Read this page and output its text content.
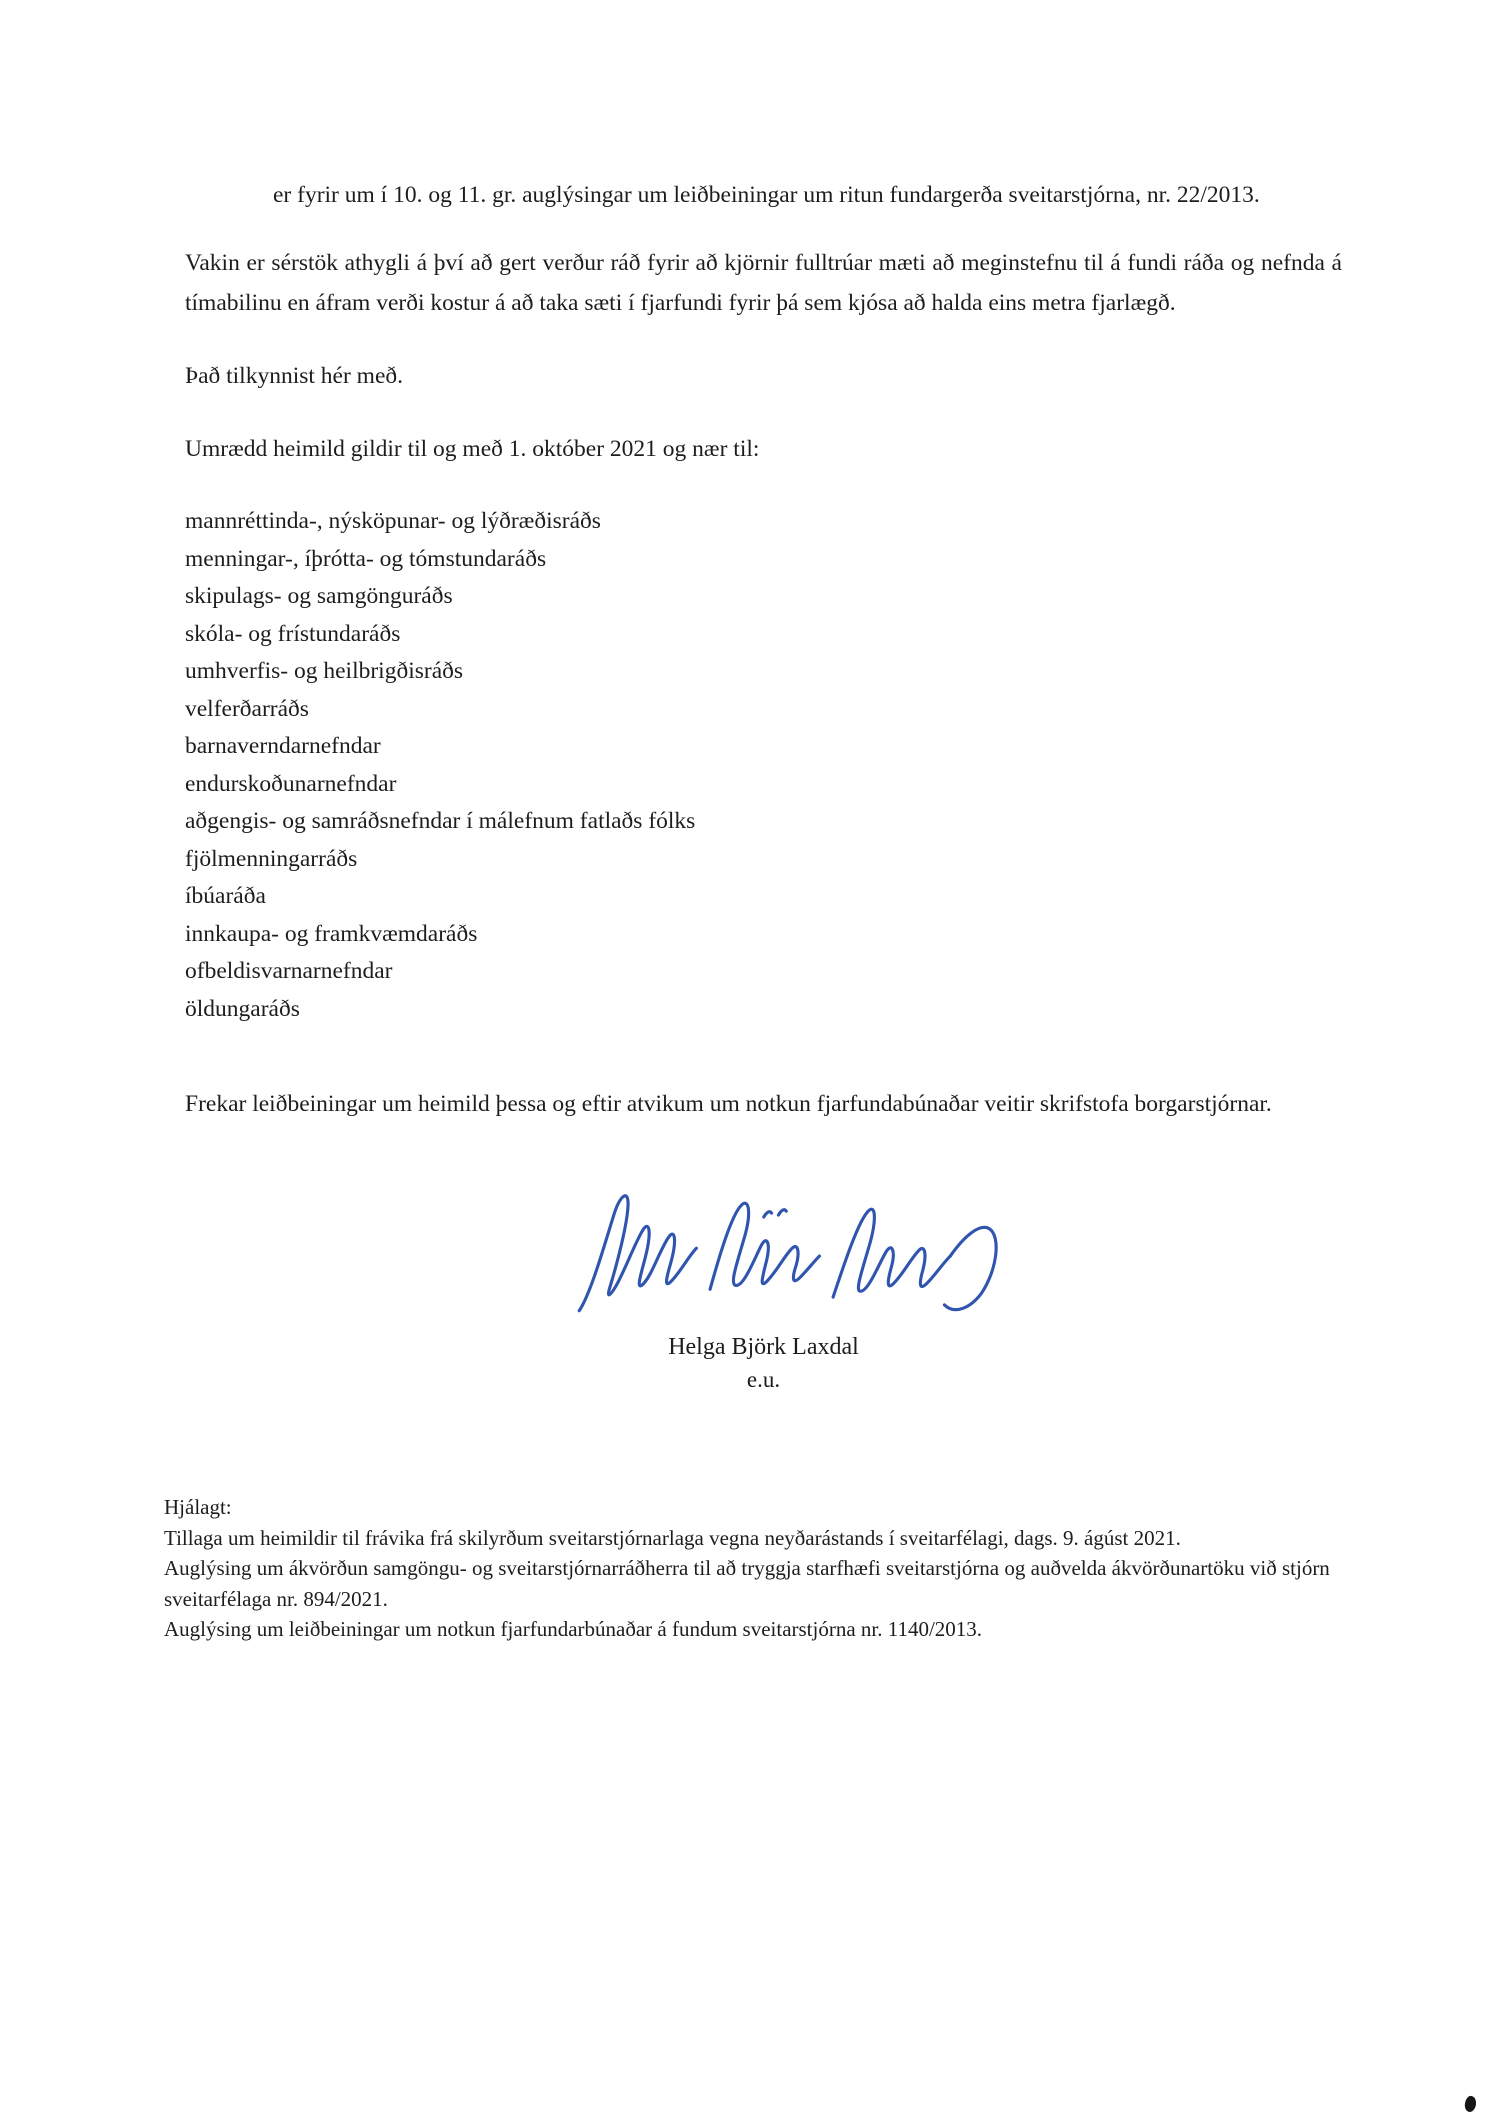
er fyrir um í 10. og 11. gr. auglýsingar um leiðbeiningar um ritun fundargerða sveitarstjórna, nr. 22/2013.

Vakin er sérstök athygli á því að gert verður ráð fyrir að kjörnir fulltrúar mæti að meginstefnu til á fundi ráða og nefnda á tímabilinu en áfram verði kostur á að taka sæti í fjarfundi fyrir þá sem kjósa að halda eins metra fjarlægð.

Það tilkynnist hér með.

Umrædd heimild gildir til og með 1. október 2021 og nær til:

mannréttinda-, nýsköpunar- og lýðræðisráðs
menningar-, íþrótta- og tómstundaráðs
skipulags- og samgönguráðs
skóla- og frístundaráðs
umhverfis- og heilbrigðisráðs
velferðarráðs
barnaverndarnefndar
endurskoðunarnefndar
aðgengis- og samráðsnefndar í málefnum fatlaðs fólks
fjölmenningarráðs
íbúaráða
innkaupa- og framkvæmdaráðs
ofbeldisvarnarnefndar
öldungaráðs

Frekar leiðbeiningar um heimild þessa og eftir atvikum um notkun fjarfundabúnaðar veitir skrifstofa borgarstjórnar.

Helga Björk Laxdal
e.u.

Hjálagt:

Tillaga um heimildir til frávika frá skilyrðum sveitarstjórnarlaga vegna neyðarástands í sveitarfélagi, dags. 9. ágúst 2021.

Auglýsing um ákvörðun samgöngu- og sveitarstjórnarráðherra til að tryggja starfhæfi sveitarstjórna og auðvelda ákvörðunartöku við stjórn sveitarfélaga nr. 894/2021.

Auglýsing um leiðbeiningar um notkun fjarfundarbúnaðar á fundum sveitarstjórna nr. 1140/2013.
